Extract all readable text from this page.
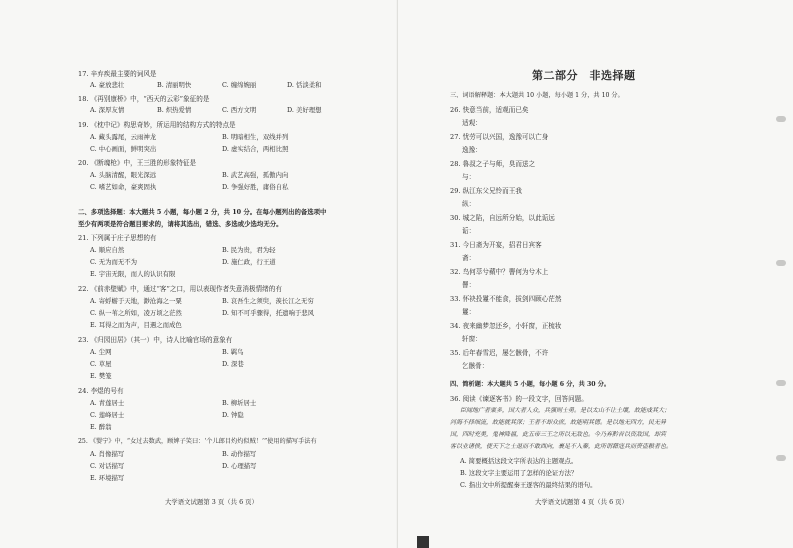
17. 辛弃疾最主要的词风是
A. 豪放悲壮	B. 清丽明快	C. 缠绵婉丽	D. 恬淡柔和
18. 《再别康桥》中，“西天的云彩”象征的是
A. 深厚友情	B. 炽热爱情	C. 西方文明	D. 美好理想
19. 《枕中记》构思奇妙，所运用的结构方式的特点是
A. 藏头露尾，云雨神龙	B. 明暗相生，双线并列
C. 中心画面，鲜明突出	D. 虚实结合，两相比照
20. 《断魂枪》中，王三胜的形象特征是
A. 头脑清醒，眼光深远	B. 武艺高强，孤傲内向
C. 嗜艺如命，豪爽固执	D. 争强好胜，庸俗自私
二、多项选择题：本大题共 5 小题，每小题 2 分，共 10 分。在每小题列出的备选项中
至少有两项是符合题目要求的，请将其选出，错选、多选或少选均无分。
21. 下列属于庄子思想的有
A. 顺应自然	B. 民为贵，君为轻
C. 无为而无不为	D. 施仁政，行王道
E. 宇宙无限，而人的认识有限
22. 《前赤壁赋》中，通过“客”之口，用以表现作者失意消极情绪的有
A. 寄蜉蝣于天地，渺沧海之一粟	B. 哀吾生之须臾，羡长江之无穷
C. 纵一苇之所如，凌万顷之茫然	D. 知不可乎骤得，托遗响于悲风
E. 耳得之而为声，目遇之而成色
23. 《归园田居》（其一）中，诗人比喻官场的意象有
A. 尘网	B. 羁鸟
C. 草屋	D. 深巷
E. 樊笼
24. 李煜的号有
A. 青莲居士	B. 柳圻居士
C. 莲峰居士	D. 钟隐
E. 醉翁
25. 《婴宁》中，“女过去数武，顾婢子笑曰：‘个儿郎目灼灼似贼！’”使用的描写手法有
A. 肖像描写	B. 动作描写
C. 对话描写	D. 心理描写
E. 环境描写
大学语文试题第 3 页（共 6 页）
第二部分　非选择题
三、词语解释题：本大题共 10 小题，每小题 1 分，共 10 分。
26. 快意当前，适观而已矣
适观：
27. 忧劳可以兴国，逸豫可以亡身
逸豫：
28. 魯叔之子与师，臭而送之
与：
29. 纵江东父兄怜而王我
纵：
30. 城之陷，自远所分始，以此诟远
诟：
31. 今日斋为开宴，招君日宾客
斋：
32. 鸟何萃兮蘋中？罾何为兮木上
罾：
33. 怀袂投鬘不能食，拔剑四顾心茫然
鬘：
34. 夜来幽梦忽还乡，小轩窗，正梳妆
轩窗：
35. 后年春雪迟，屡乞骸骨，不许
乞骸骨：
四、简析题：本大题共 5 小题，每小题 6 分，共 30 分。
36. 阅读《谏逐客书》的一段文字，回答问题。
臣闻地广者粟多，国大者人众，兵强则士勇。是以太山不让土壤，故能成其大；
河海不择细流，故能就其深；王者不却众庶，故能明其德。是以地无四方，民无异
国，四时充美，鬼神降福，此五帝三王之所以无敌也。今乃弃黔首以资敌国，却宾
客以业诸侯，使天下之士退而不敢西向，裹足不入秦，此所谓藉寇兵而赍盗粮者也。
A. 简要概括这段文字所表达的主题观点。
B. 这段文字主要运用了怎样的论证方法？
C. 指出文中所提醒秦王逐客的最终结果的语句。
大学语文试题第 4 页（共 6 页）
